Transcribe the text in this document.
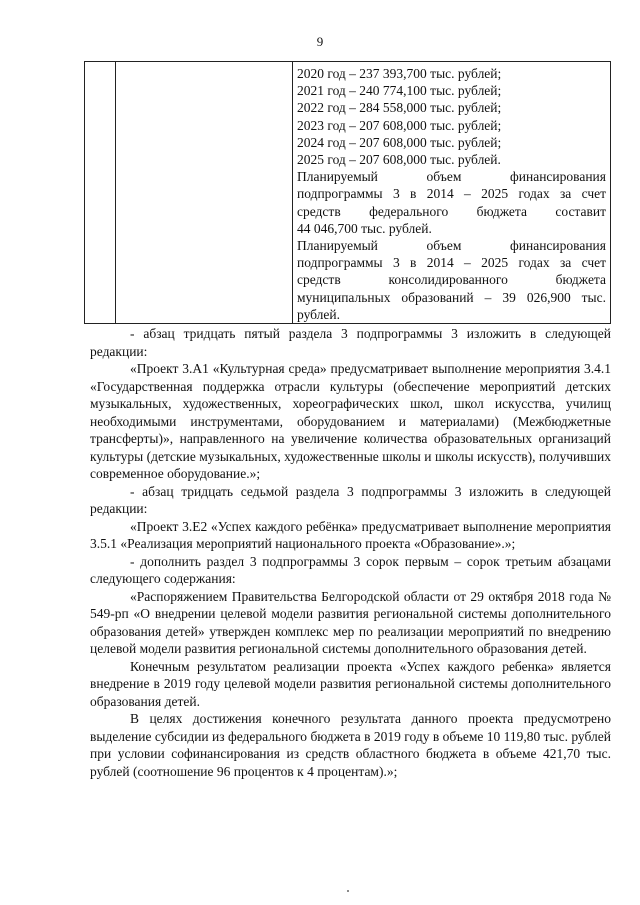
9
2020 год – 237 393,700 тыс. рублей;
2021 год – 240 774,100 тыс. рублей;
2022 год – 284 558,000 тыс. рублей;
2023 год – 207 608,000 тыс. рублей;
2024 год – 207 608,000 тыс. рублей;
2025 год – 207 608,000 тыс. рублей.
Планируемый объем финансирования
подпрограммы 3 в 2014 – 2025 годах за счет
средств федерального бюджета составит
44 046,700 тыс. рублей.
Планируемый объем финансирования
подпрограммы 3 в 2014 – 2025 годах за счет
средств консолидированного бюджета
муниципальных образований – 39 026,900 тыс.
рублей.
- абзац тридцать пятый раздела 3 подпрограммы 3 изложить в следующей
редакции:
«Проект 3.А1 «Культурная среда» предусматривает выполнение мероприятия 3.4.1 «Государственная поддержка отрасли культуры (обеспечение мероприятий детских музыкальных, художественных, хореографических школ, школ искусства, училищ необходимыми инструментами, оборудованием и материалами) (Межбюджетные трансферты)», направленного на увеличение количества образовательных организаций культуры (детские музыкальных, художественные школы и школы искусств), получивших современное оборудование.»;
- абзац тридцать седьмой раздела 3 подпрограммы 3 изложить в следующей
редакции:
«Проект 3.Е2 «Успех каждого ребёнка» предусматривает выполнение мероприятия 3.5.1 «Реализация мероприятий национального проекта «Образование».»;
- дополнить раздел 3 подпрограммы 3 сорок первым – сорок третьим абзацами следующего содержания:
«Распоряжением Правительства Белгородской области от 29 октября 2018 года № 549-рп «О внедрении целевой модели развития региональной системы дополнительного образования детей» утвержден комплекс мер по реализации мероприятий по внедрению целевой модели развития региональной системы дополнительного образования детей.
Конечным результатом реализации проекта «Успех каждого ребенка» является внедрение в 2019 году целевой модели развития региональной системы дополнительного образования детей.
В целях достижения конечного результата данного проекта предусмотрено выделение субсидии из федерального бюджета в 2019 году в объеме 10 119,80 тыс. рублей при условии софинансирования из средств областного бюджета в объеме 421,70 тыс. рублей (соотношение 96 процентов к 4 процентам).»;
